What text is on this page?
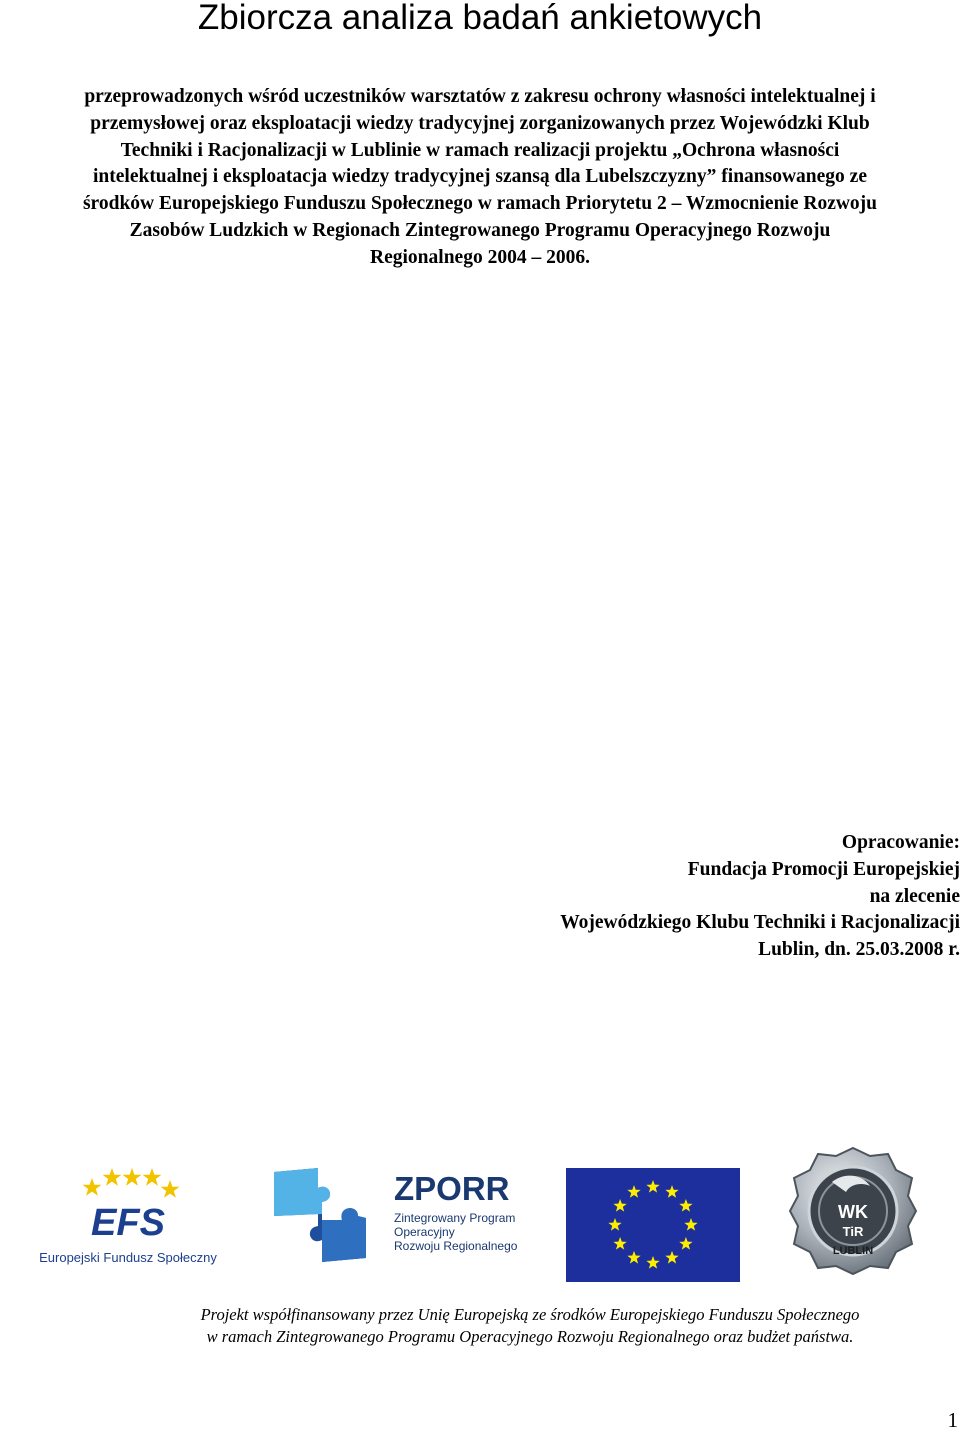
Zbiorcza analiza badań ankietowych

przeprowadzonych wśród uczestników warsztatów z zakresu ochrony własności intelektualnej i
przemysłowej oraz eksploatacji wiedzy tradycyjnej zorganizowanych przez Wojewódzki Klub
Techniki i Racjonalizacji w Lublinie w ramach realizacji projektu „Ochrona własności
intelektualnej i eksploatacja wiedzy tradycyjnej szansą dla Lubelszczyzny” finansowanego ze
środków Europejskiego Funduszu Społecznego w ramach Priorytetu 2 – Wzmocnienie Rozwoju
Zasobów Ludzkich w Regionach Zintegrowanego Programu Operacyjnego Rozwoju
Regionalnego 2004 – 2006.

Opracowanie:
Fundacja Promocji Europejskiej
na zlecenie
Wojewódzkiego Klubu Techniki i Racjonalizacji
Lublin, dn. 25.03.2008 r.
EFS
Europejski Fundusz Społeczny
ZPORR
Zintegrowany Program
Operacyjny
Rozwoju Regionalnego
WK
TiR
LUBLIN
Projekt współfinansowany przez Unię Europejską ze środków Europejskiego Funduszu Społecznego
w ramach Zintegrowanego Programu Operacyjnego Rozwoju Regionalnego oraz budżet państwa.
1
